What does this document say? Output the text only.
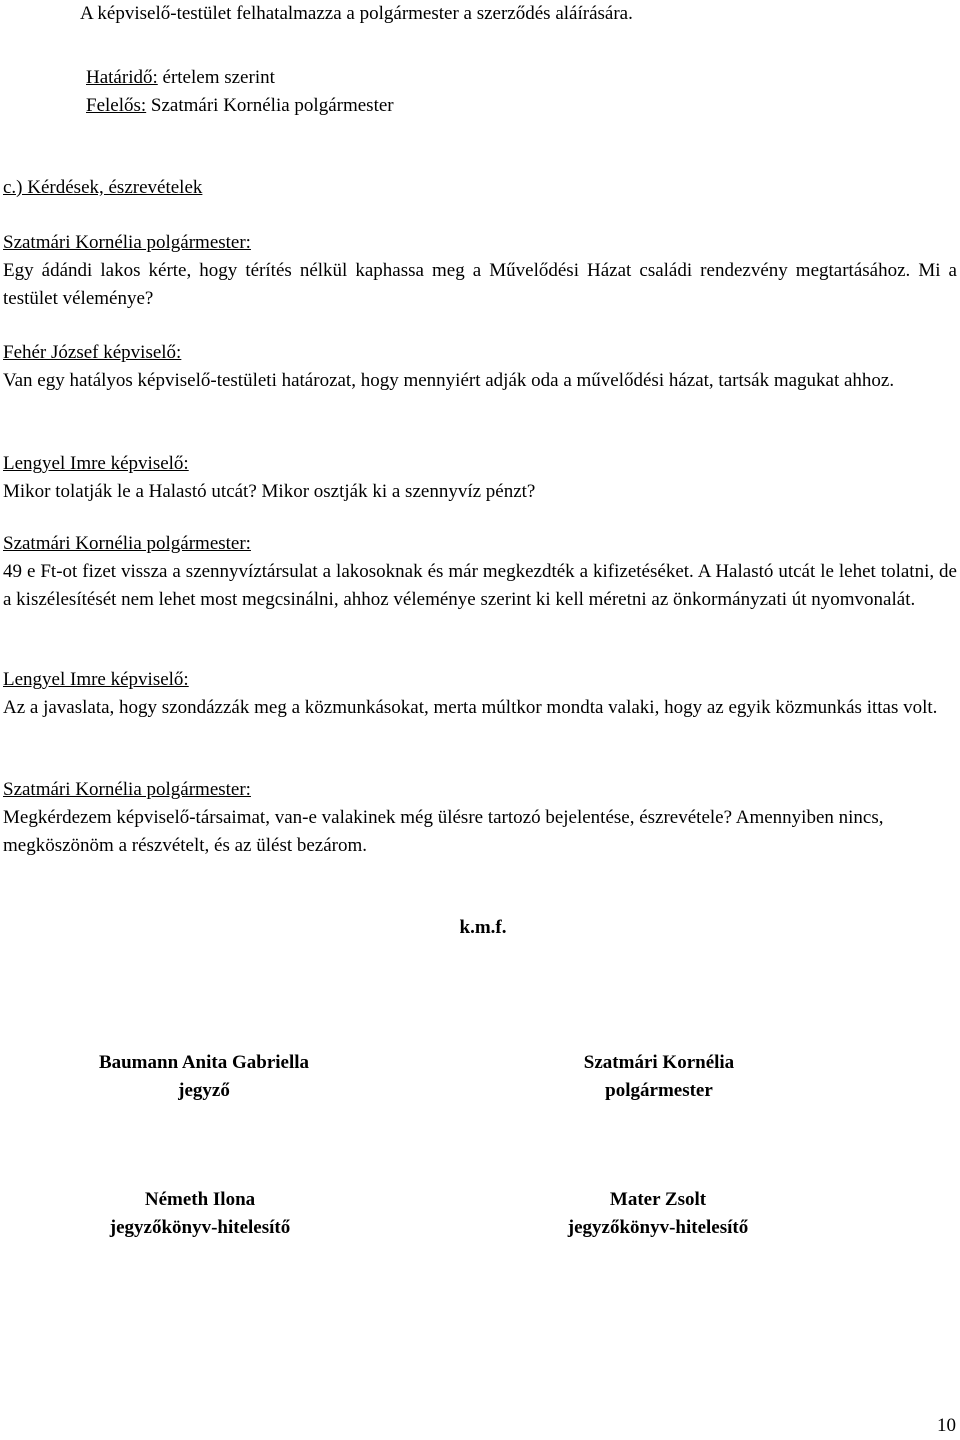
A képviselő-testület felhatalmazza a polgármester a szerződés aláírására.

Határidő: értelem szerint

Felelős: Szatmári Kornélia polgármester

c.) Kérdések, észrevételek

Szatmári Kornélia polgármester:

Egy ádándi lakos kérte, hogy térítés nélkül kaphassa meg a Művelődési Házat családi rendezvény megtartásához. Mi a testület véleménye?

Fehér József képviselő:

Van egy hatályos képviselő-testületi határozat, hogy mennyiért adják oda a művelődési házat, tartsák magukat ahhoz.

Lengyel Imre képviselő:

Mikor tolatják le a Halastó utcát? Mikor osztják ki a szennyvíz pénzt?

Szatmári Kornélia polgármester:

49 e Ft-ot fizet vissza a szennyvíztársulat a lakosoknak és már megkezdték a kifizetéséket. A Halastó utcát le lehet tolatni, de a kiszélesítését nem lehet most megcsinálni, ahhoz véleménye szerint ki kell méretni az önkormányzati út nyomvonalát.

Lengyel Imre képviselő:

Az a javaslata, hogy szondázzák meg a közmunkásokat, merta múltkor mondta valaki, hogy az egyik közmunkás ittas volt.

Szatmári Kornélia polgármester:

Megkérdezem képviselő-társaimat, van-e valakinek még ülésre tartozó bejelentése, észrevétele? Amennyiben nincs, megköszönöm a részvételt, és az ülést bezárom.

k.m.f.

Baumann Anita Gabriella

jegyző

Szatmári Kornélia

polgármester

Németh Ilona

jegyzőkönyv-hitelesítő

Mater Zsolt

jegyzőkönyv-hitelesítő

10
